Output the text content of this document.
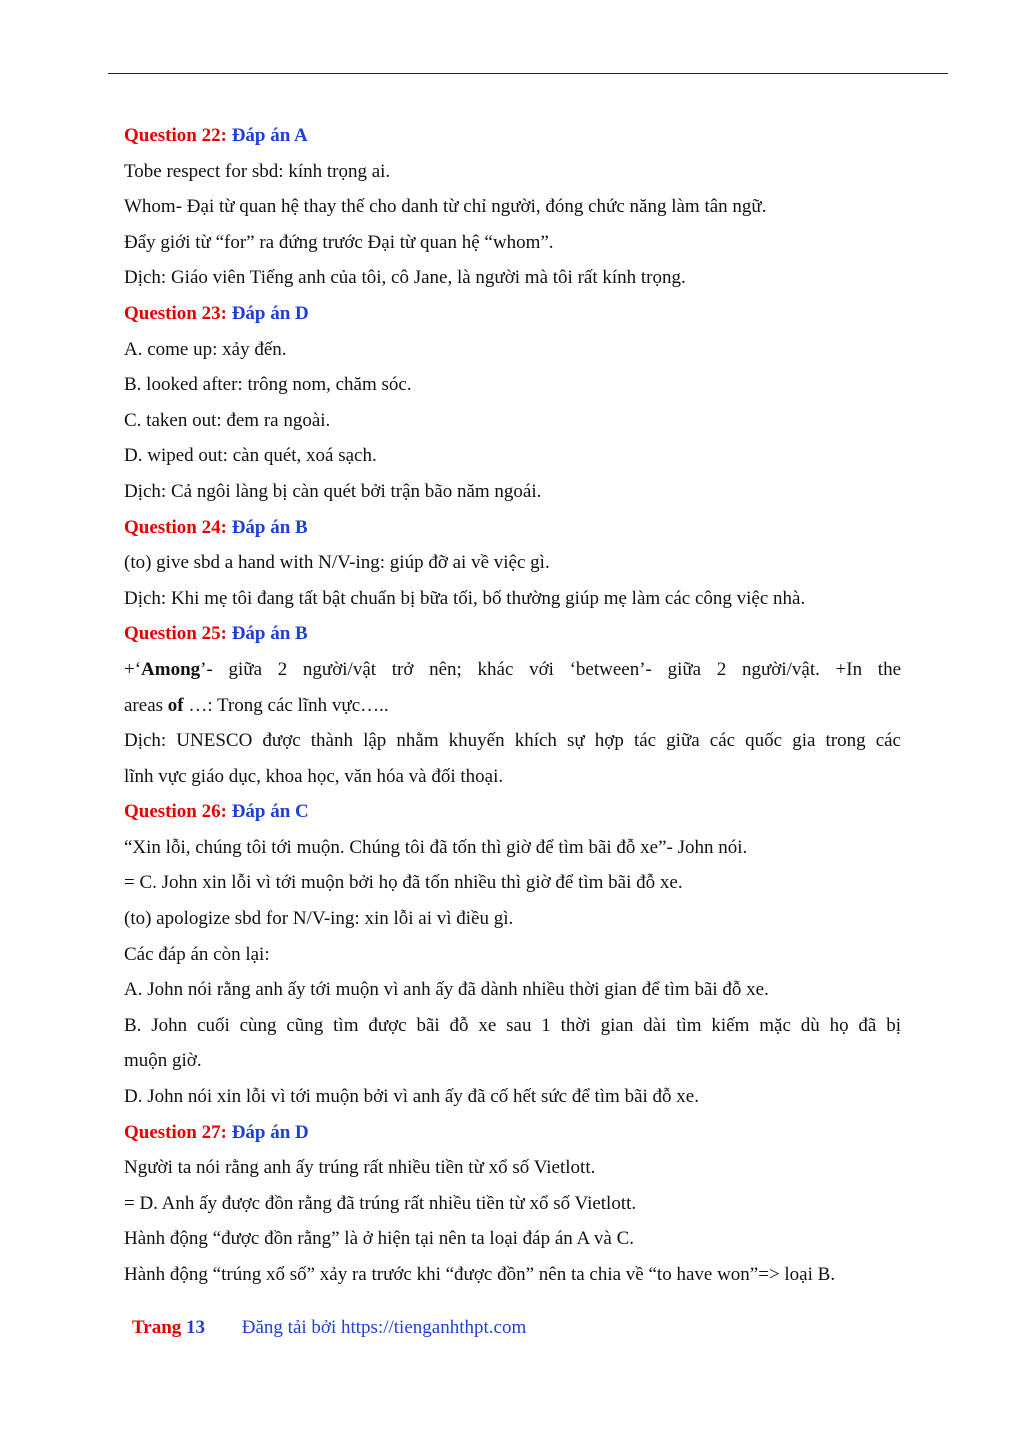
Question 22: Đáp án A

Tobe respect for sbd: kính trọng ai.

Whom- Đại từ quan hệ thay thế cho danh từ chỉ người, đóng chức năng làm tân ngữ.

Đẩy giới từ “for” ra đứng trước Đại từ quan hệ “whom”.

Dịch: Giáo viên Tiếng anh của tôi, cô Jane, là người mà tôi rất kính trọng.

Question 23: Đáp án D

A. come up: xảy đến.

B. looked after: trông nom, chăm sóc.

C. taken out: đem ra ngoài.

D. wiped out: càn quét, xoá sạch.

Dịch: Cả ngôi làng bị càn quét bởi trận bão năm ngoái.

Question 24: Đáp án B

(to) give sbd a hand with N/V-ing: giúp đỡ ai về việc gì.

Dịch: Khi mẹ tôi đang tất bật chuẩn bị bữa tối, bố thường giúp mẹ làm các công việc nhà.

Question 25: Đáp án B

+‘Among’- giữa 2 người/vật trở nên; khác với ‘between’- giữa 2 người/vật. +In the

areas of …: Trong các lĩnh vực…..

Dịch: UNESCO được thành lập nhằm khuyến khích sự hợp tác giữa các quốc gia trong các

lĩnh vực giáo dục, khoa học, văn hóa và đối thoại.

Question 26: Đáp án C

“Xin lỗi, chúng tôi tới muộn. Chúng tôi đã tốn thì giờ để tìm bãi đỗ xe”- John nói.

= C. John xin lỗi vì tới muộn bởi họ đã tốn nhiều thì giờ để tìm bãi đỗ xe.

(to) apologize sbd for N/V-ing: xin lỗi ai vì điều gì.

Các đáp án còn lại:

A. John nói rằng anh ấy tới muộn vì anh ấy đã dành nhiều thời gian để tìm bãi đỗ xe.

B. John cuối cùng cũng tìm được bãi đỗ xe sau 1 thời gian dài tìm kiếm mặc dù họ đã bị

muộn giờ.

D. John nói xin lỗi vì tới muộn bởi vì anh ấy đã cố hết sức để tìm bãi đỗ xe.

Question 27: Đáp án D

Người ta nói rằng anh ấy trúng rất nhiều tiền từ xổ số Vietlott.

= D. Anh ấy được đồn rằng đã trúng rất nhiều tiền từ xổ số Vietlott.

Hành động “được đồn rằng” là ở hiện tại nên ta loại đáp án A và C.

Hành động “trúng xổ số” xảy ra trước khi “được đồn” nên ta chia về “to have won”=> loại B.

Trang 13 Đăng tải bởi https://tienganhthpt.com
